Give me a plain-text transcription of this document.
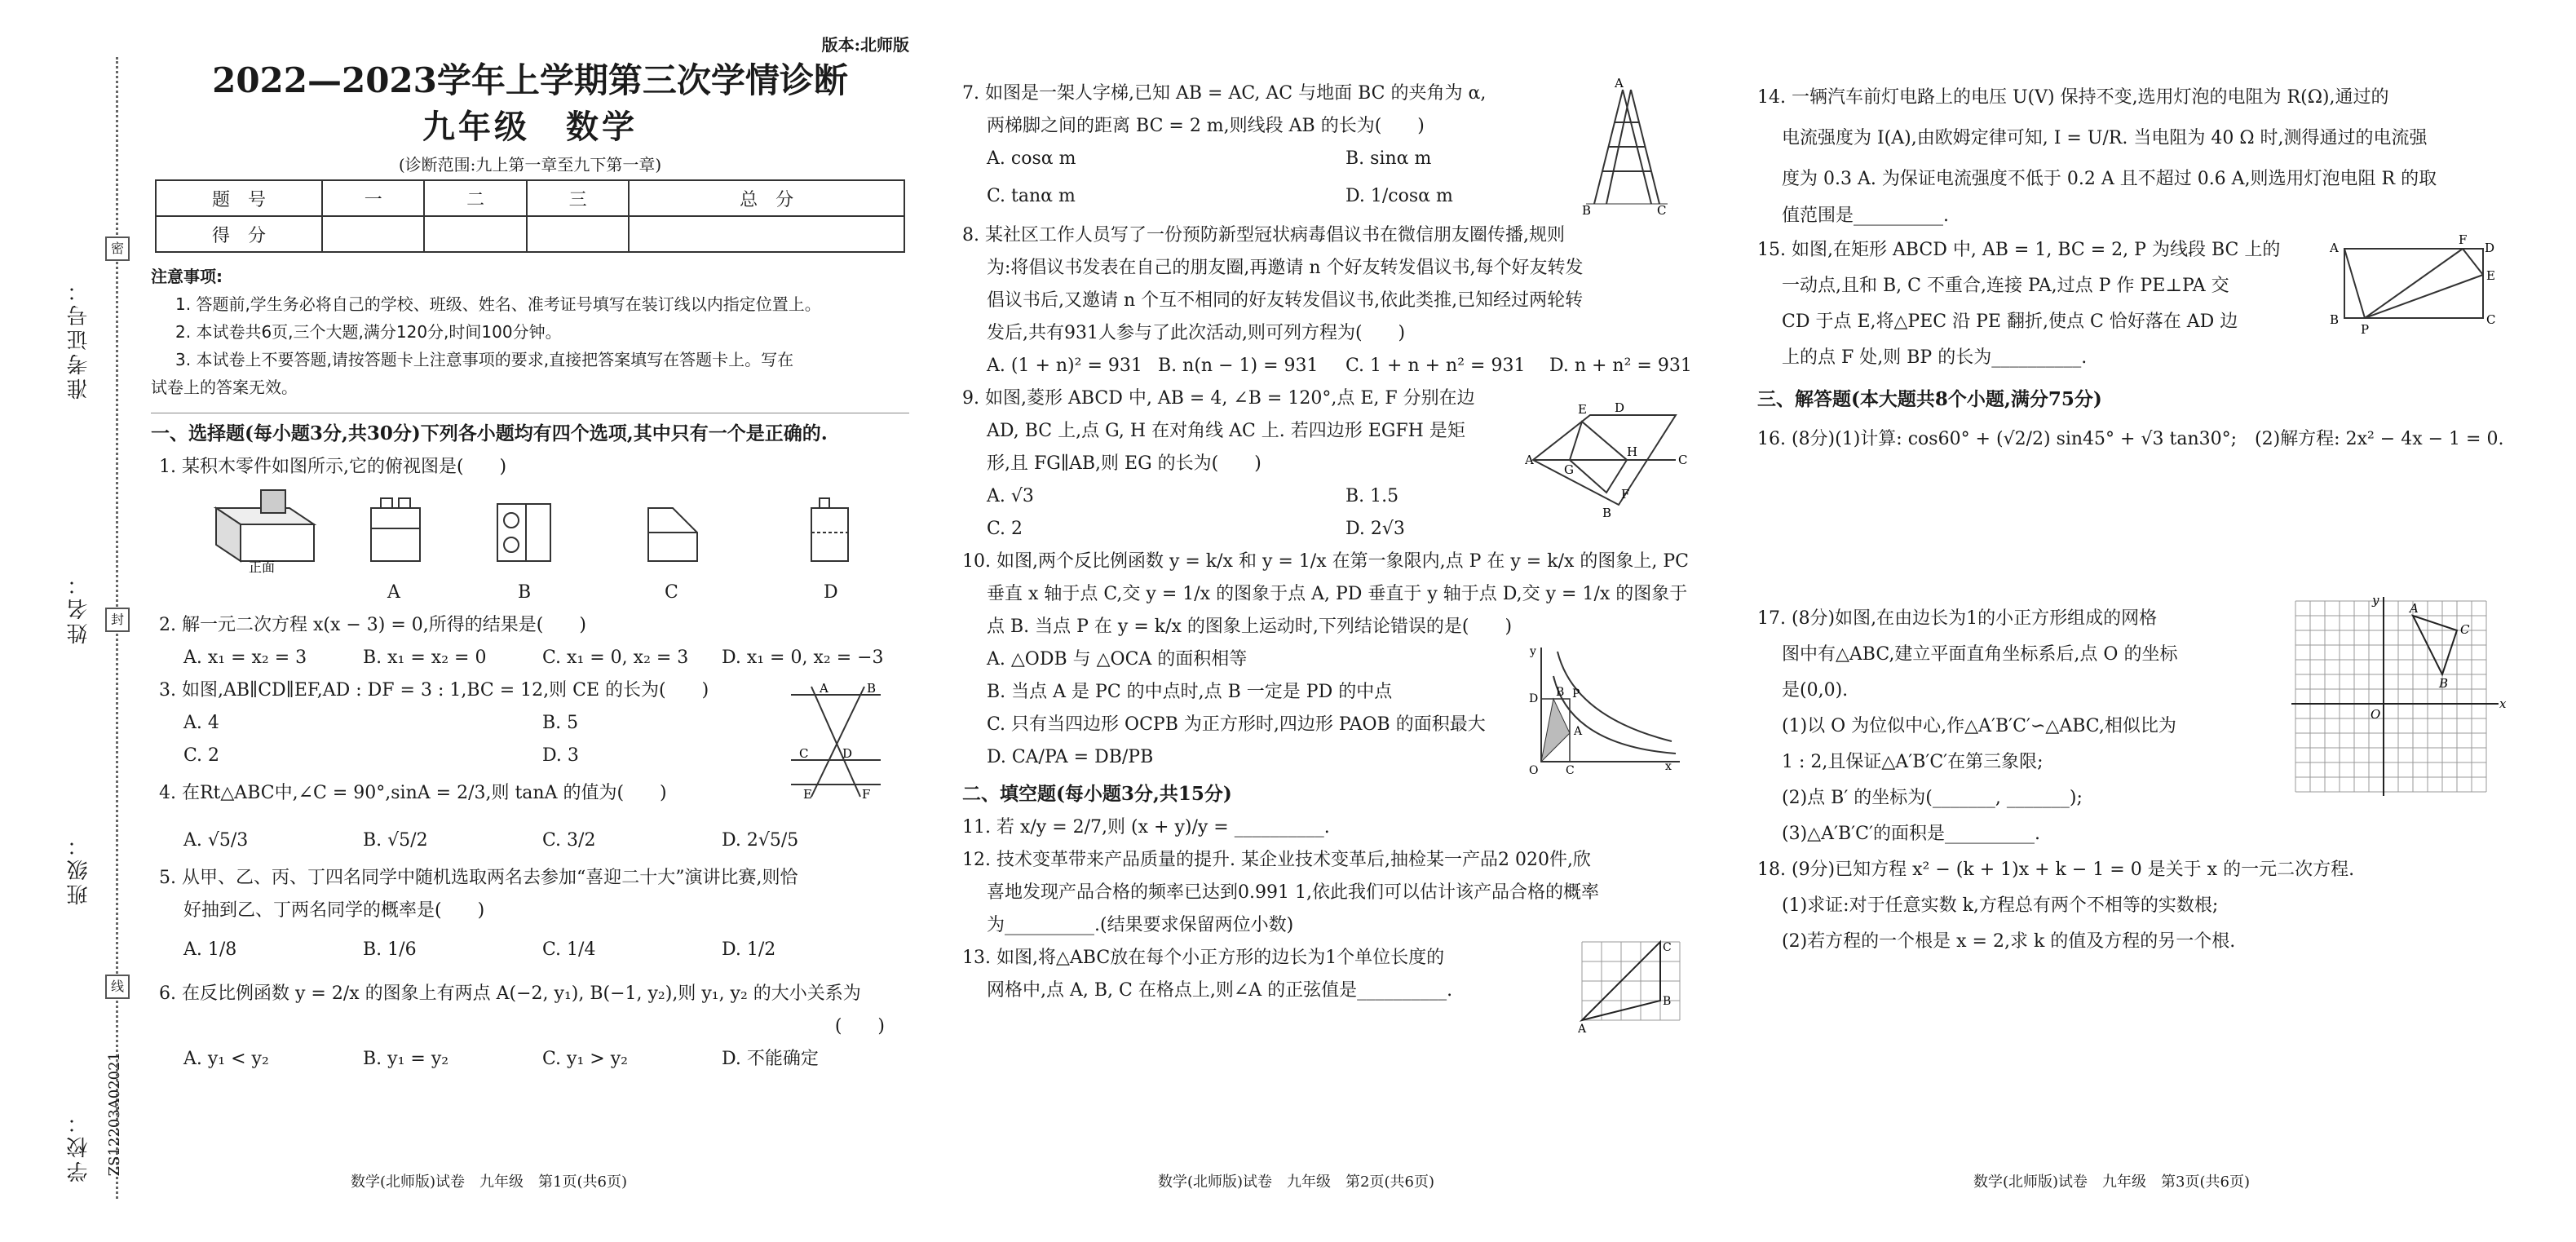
密
封
线
准考证号：
姓名：
班级：
学校： ZS12203A02021
版本:北师版
2022—2023学年上学期第三次学情诊断
九年级　数学
(诊断范围:九上第一章至九下第一章)
题　号	一	二	三	总　分
得　分				

注意事项:

1. 答题前,学生务必将自己的学校、班级、姓名、准考证号填写在装订线以内指定位置上。

2. 本试卷共6页,三个大题,满分120分,时间100分钟。

3. 本试卷上不要答题,请按答题卡上注意事项的要求,直接把答案填写在答题卡上。写在

试卷上的答案无效。

一、选择题(每小题3分,共30分)下列各小题均有四个选项,其中只有一个是正确的.

1. 某积木零件如图所示,它的俯视图是(　　)

正面
A	B	C	D

2. 解一元二次方程 x(x − 3) = 0,所得的结果是(　　)

A. x₁ = x₂ = 3	B. x₁ = x₂ = 0	C. x₁ = 0, x₂ = 3	D. x₁ = 0, x₂ = −3

3. 如图,AB∥CD∥EF,AD : DF = 3 : 1,BC = 12,则 CE 的长为(　　)

A. 4	B. 5
C. 2	D. 3
A	B
C	D
E	F

4. 在Rt△ABC中,∠C = 90°,sinA = 2/3,则 tanA 的值为(　　)

A. √5/3	B. √5/2	C. 3/2	D. 2√5/5

5. 从甲、乙、丙、丁四名同学中随机选取两名去参加“喜迎二十大”演讲比赛,则恰

好抽到乙、丁两名同学的概率是(　　)

A. 1/8	B. 1/6	C. 1/4	D. 1/2

6. 在反比例函数 y = 2/x 的图象上有两点 A(−2, y₁), B(−1, y₂),则 y₁, y₂ 的大小关系为

(　　)

A. y₁ < y₂	B. y₁ = y₂	C. y₁ > y₂	D. 不能确定
数学(北师版)试卷　九年级　第1页(共6页)

7. 如图是一架人字梯,已知 AB = AC, AC 与地面 BC 的夹角为 α,

两梯脚之间的距离 BC = 2 m,则线段 AB 的长为(　　)

A. cosα m	B. sinα m
C. tanα m	D. 1/cosα m
A
B	C

8. 某社区工作人员写了一份预防新型冠状病毒倡议书在微信朋友圈传播,规则

为:将倡议书发表在自己的朋友圈,再邀请 n 个好友转发倡议书,每个好友转发

倡议书后,又邀请 n 个互不相同的好友转发倡议书,依此类推,已知经过两轮转

发后,共有931人参与了此次活动,则可列方程为(　　)

A. (1 + n)² = 931 B. n(n − 1) = 931	C. 1 + n + n² = 931	D. n + n² = 931

9. 如图,菱形 ABCD 中, AB = 4, ∠B = 120°,点 E, F 分别在边

AD, BC 上,点 G, H 在对角线 AC 上. 若四边形 EGFH 是矩

形,且 FG∥AB,则 EG 的长为(　　)

A. √3	B. 1.5
C. 2	D. 2√3
A
E D
C
G
H
B
F

10. 如图,两个反比例函数 y = k/x 和 y = 1/x 在第一象限内,点 P 在 y = k/x 的图象上, PC

垂直 x 轴于点 C,交 y = 1/x 的图象于点 A, PD 垂直于 y 轴于点 D,交 y = 1/x 的图象于

点 B. 当点 P 在 y = k/x 的图象上运动时,下列结论错误的是(　　)

A. △ODB 与 △OCA 的面积相等

B. 当点 A 是 PC 的中点时,点 B 一定是 PD 的中点

C. 只有当四边形 OCPB 为正方形时,四边形 PAOB 的面积最大

D. CA/PA = DB/PB

O C
D B P
A
x
y
二、填空题(每小题3分,共15分)

11. 若 x/y = 2/7,则 (x + y)/y = __________.

12. 技术变革带来产品质量的提升. 某企业技术变革后,抽检某一产品2 020件,欣

喜地发现产品合格的频率已达到0.991 1,依此我们可以估计该产品合格的概率

为__________.(结果要求保留两位小数)

13. 如图,将△ABC放在每个小正方形的边长为1个单位长度的

网格中,点 A, B, C 在格点上,则∠A 的正弦值是__________.

A
B
C
数学(北师版)试卷　九年级　第2页(共6页)

14. 一辆汽车前灯电路上的电压 U(V) 保持不变,选用灯泡的电阻为 R(Ω),通过的

电流强度为 I(A),由欧姆定律可知, I = U/R. 当电阻为 40 Ω 时,测得通过的电流强

度为 0.3 A. 为保证电流强度不低于 0.2 A 且不超过 0.6 A,则选用灯泡电阻 R 的取

值范围是__________.

15. 如图,在矩形 ABCD 中, AB = 1, BC = 2, P 为线段 BC 上的

一动点,且和 B, C 不重合,连接 PA,过点 P 作 PE⊥PA 交

CD 于点 E,将△PEC 沿 PE 翻折,使点 C 恰好落在 AD 边

上的点 F 处,则 BP 的长为__________.

A
F
D
E
B
P
C
三、解答题(本大题共8个小题,满分75分)

16. (8分)(1)计算: cos60° + (√2/2) sin45° + √3 tan30°;　(2)解方程: 2x² − 4x − 1 = 0.

17. (8分)如图,在由边长为1的小正方形组成的网格

图中有△ABC,建立平面直角坐标系后,点 O 的坐标

是(0,0).

(1)以 O 为位似中心,作△A′B′C′∽△ABC,相似比为

1 : 2,且保证△A′B′C′在第三象限;

(2)点 B′ 的坐标为(_______, _______);

(3)△A′B′C′的面积是__________.

A
B
C
O
x
y

18. (9分)已知方程 x² − (k + 1)x + k − 1 = 0 是关于 x 的一元二次方程.

(1)求证:对于任意实数 k,方程总有两个不相等的实数根;

(2)若方程的一个根是 x = 2,求 k 的值及方程的另一个根.

数学(北师版)试卷　九年级　第3页(共6页)
